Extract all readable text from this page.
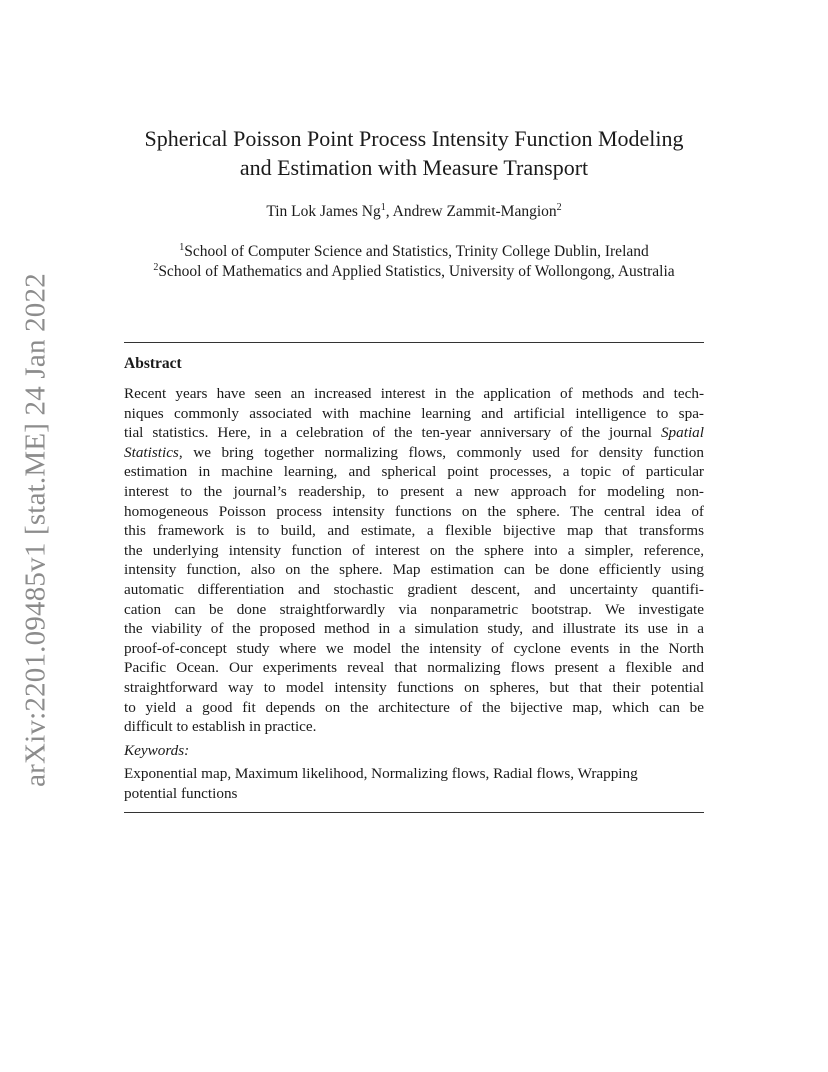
arXiv:2201.09485v1 [stat.ME] 24 Jan 2022
Spherical Poisson Point Process Intensity Function Modeling
and Estimation with Measure Transport
Tin Lok James Ng$^1$, Andrew Zammit-Mangion$^2$
$^1$School of Computer Science and Statistics, Trinity College Dublin, Ireland
$^2$School of Mathematics and Applied Statistics, University of Wollongong, Australia
Abstract
Recent years have seen an increased interest in the application of methods and tech-
niques commonly associated with machine learning and artificial intelligence to spa-
tial statistics. Here, in a celebration of the ten-year anniversary of the journal Spatial
Statistics, we bring together normalizing flows, commonly used for density function
estimation in machine learning, and spherical point processes, a topic of particular
interest to the journal’s readership, to present a new approach for modeling non-
homogeneous Poisson process intensity functions on the sphere. The central idea of
this framework is to build, and estimate, a flexible bijective map that transforms
the underlying intensity function of interest on the sphere into a simpler, reference,
intensity function, also on the sphere. Map estimation can be done efficiently using
automatic differentiation and stochastic gradient descent, and uncertainty quantifi-
cation can be done straightforwardly via nonparametric bootstrap. We investigate
the viability of the proposed method in a simulation study, and illustrate its use in a
proof-of-concept study where we model the intensity of cyclone events in the North
Pacific Ocean. Our experiments reveal that normalizing flows present a flexible and
straightforward way to model intensity functions on spheres, but that their potential
to yield a good fit depends on the architecture of the bijective map, which can be
difficult to establish in practice.
Keywords:
Exponential map, Maximum likelihood, Normalizing flows, Radial flows, Wrapping
potential functions
